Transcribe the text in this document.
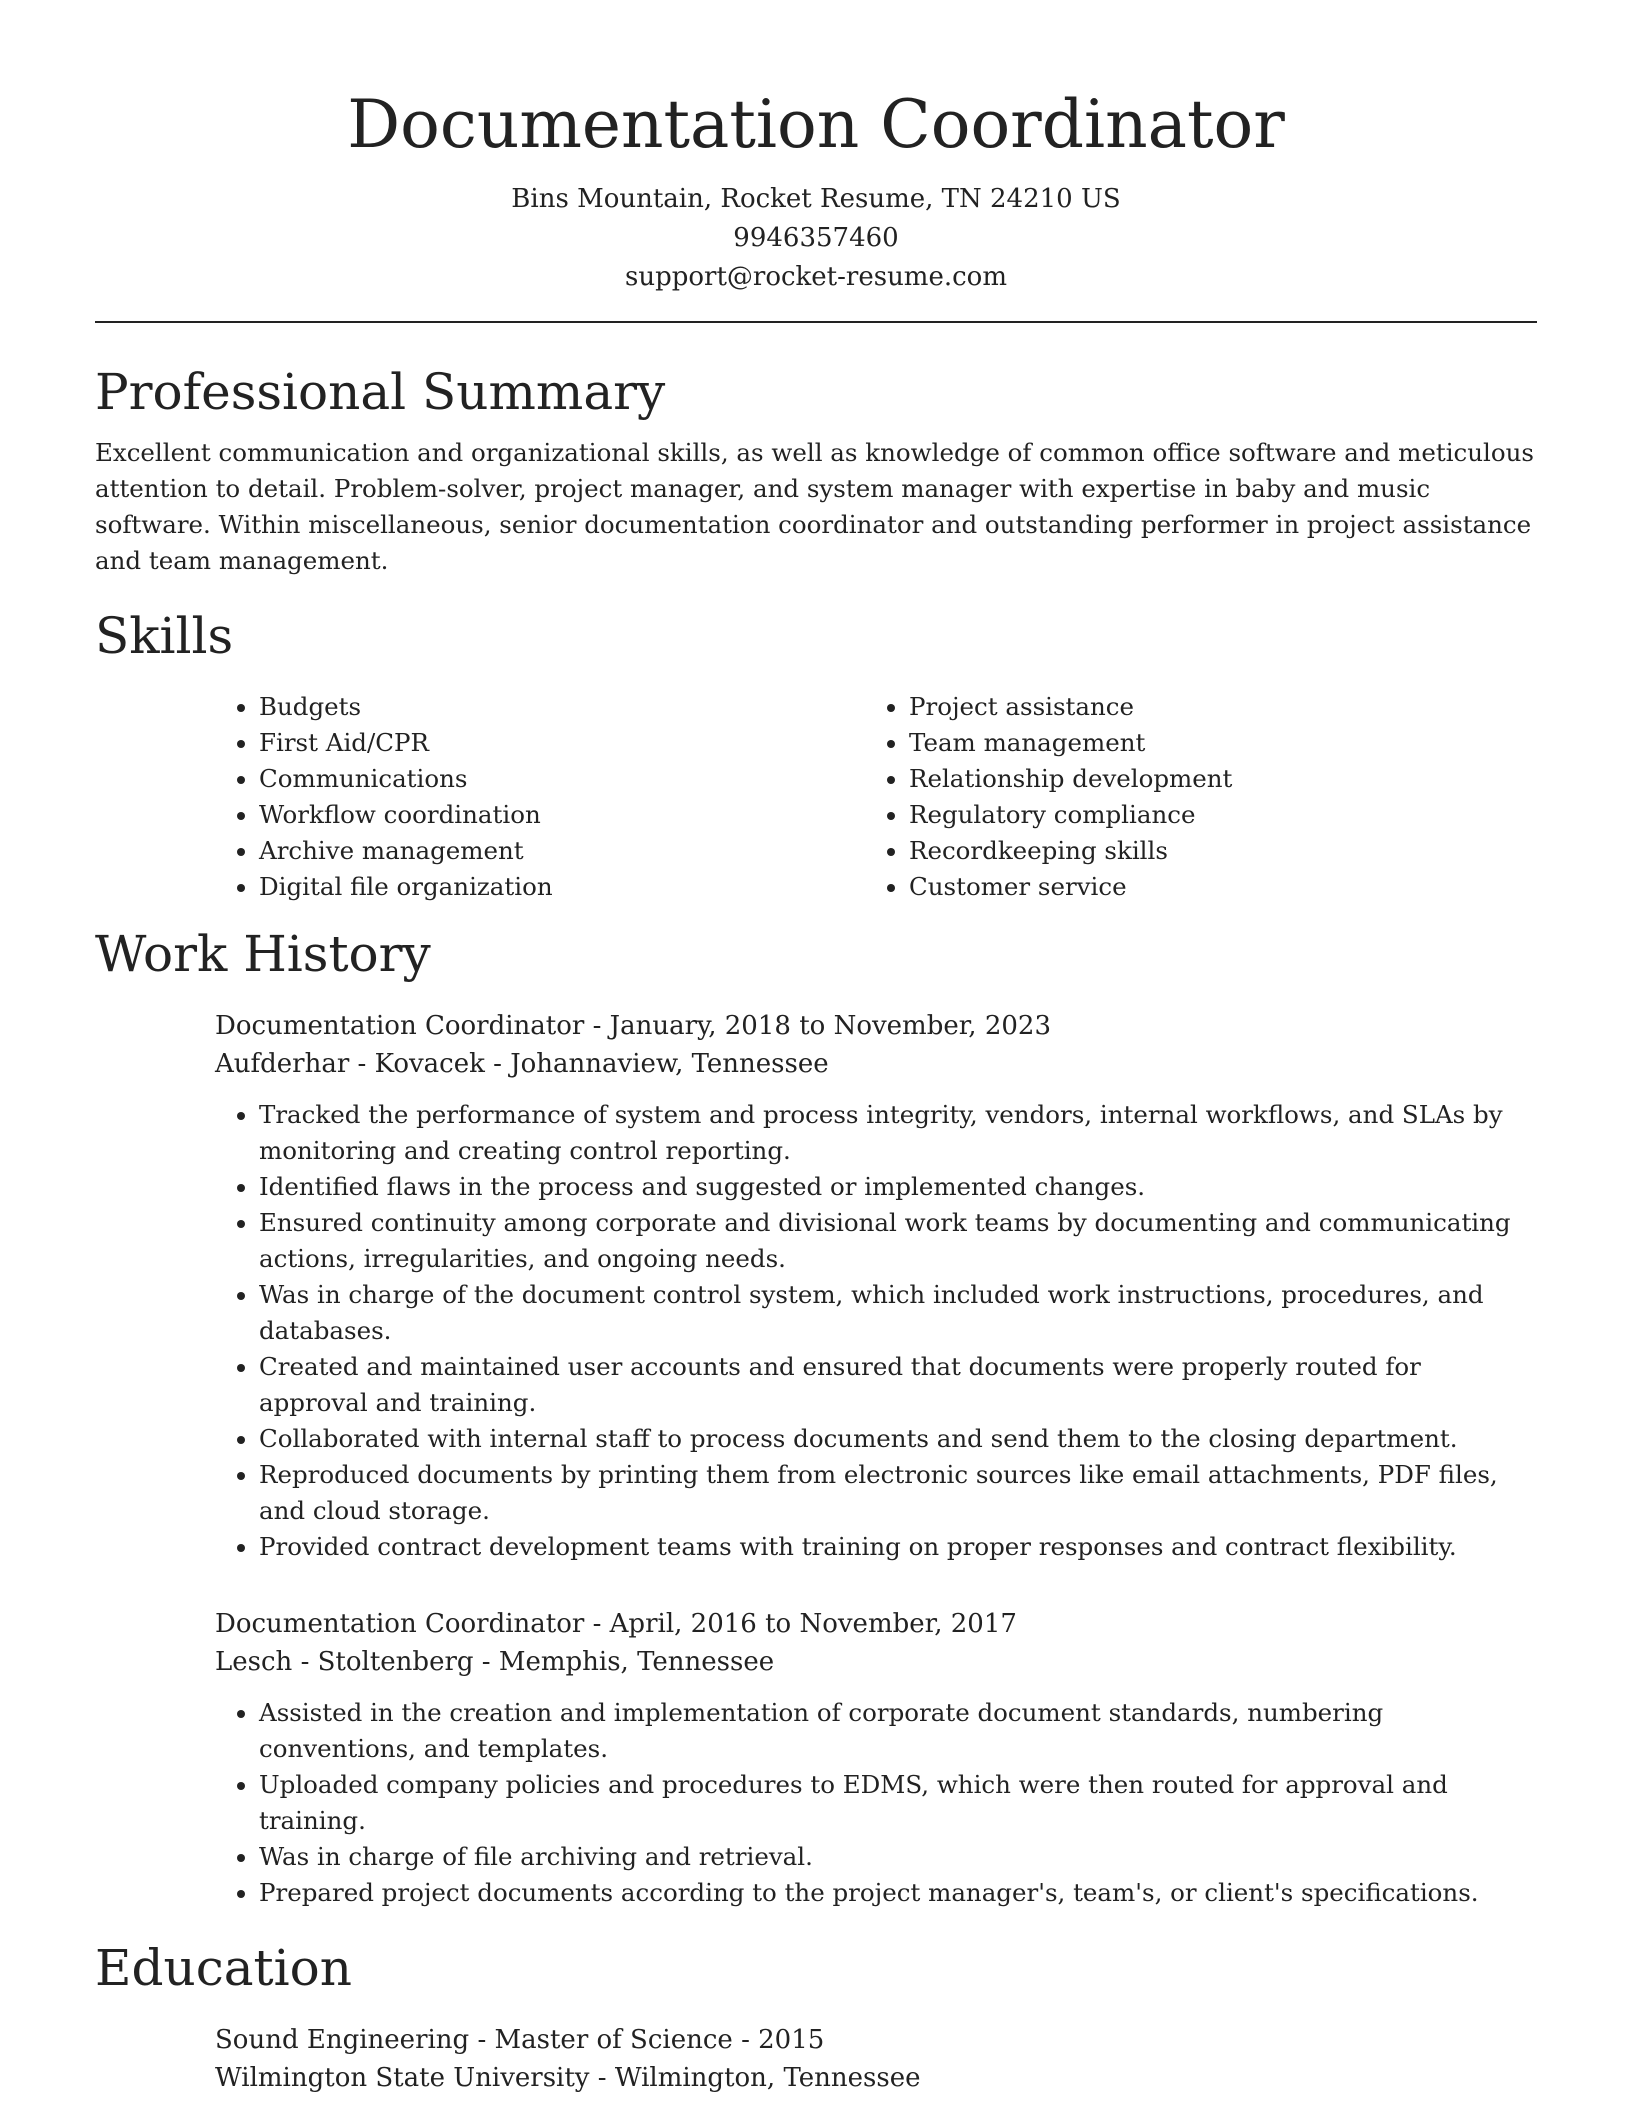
Documentation Coordinator
Bins Mountain, Rocket Resume, TN 24210 US
9946357460
support@rocket-resume.com
Professional Summary

Excellent communication and organizational skills, as well as knowledge of common office software and meticulous attention to detail. Problem-solver, project manager, and system manager with expertise in baby and music software. Within miscellaneous, senior documentation coordinator and outstanding performer in project assistance and team management.

Skills
• Budgets
• First Aid/CPR
• Communications
• Workflow coordination
• Archive management
• Digital file organization
• Project assistance
• Team management
• Relationship development
• Regulatory compliance
• Recordkeeping skills
• Customer service
Work History
Documentation Coordinator - January, 2018 to November, 2023
Aufderhar - Kovacek - Johannaview, Tennessee
• Tracked the performance of system and process integrity, vendors, internal workflows, and SLAs by monitoring and creating control reporting.
• Identified flaws in the process and suggested or implemented changes.
• Ensured continuity among corporate and divisional work teams by documenting and communicating actions, irregularities, and ongoing needs.
• Was in charge of the document control system, which included work instructions, procedures, and databases.
• Created and maintained user accounts and ensured that documents were properly routed for approval and training.
• Collaborated with internal staff to process documents and send them to the closing department.
• Reproduced documents by printing them from electronic sources like email attachments, PDF files, and cloud storage.
• Provided contract development teams with training on proper responses and contract flexibility.
Documentation Coordinator - April, 2016 to November, 2017
Lesch - Stoltenberg - Memphis, Tennessee
• Assisted in the creation and implementation of corporate document standards, numbering conventions, and templates.
• Uploaded company policies and procedures to EDMS, which were then routed for approval and training.
• Was in charge of file archiving and retrieval.
• Prepared project documents according to the project manager's, team's, or client's specifications.
Education
Sound Engineering - Master of Science - 2015
Wilmington State University - Wilmington, Tennessee
